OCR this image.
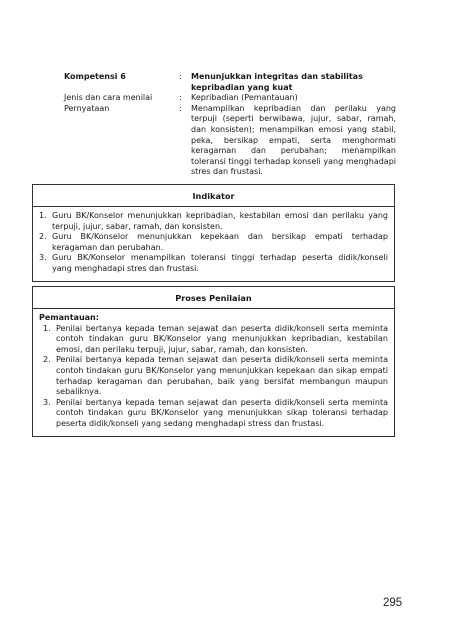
Kompetensi 6	:	Menunjukkan integritas dan stabilitas kepribadian yang kuat
Jenis dan cara menilai	:	Kepribadian (Pemantauan)
Pernyataan	:	Menampilkan kepribadian dan perilaku yang terpuji (seperti berwibawa, jujur, sabar, ramah, dan konsisten); menampilkan emosi yang stabil, peka, bersikap empati, serta menghormati keragaman dan perubahan; menampilkan toleransi tinggi terhadap konseli yang menghadapi stres dan frustasi.
Indikator
1. Guru BK/Konselor menunjukkan kepribadian, kestabilan emosi dan perilaku yang terpuji, jujur, sabar, ramah, dan konsisten.
2. Guru BK/Konselor menunjukkan kepekaan dan bersikap empati terhadap keragaman dan perubahan.
3. Guru BK/Konselor menampilkan toleransi tinggi terhadap peserta didik/konseli yang menghadapi stres dan frustasi.
Proses Penilaian
Pemantauan:
1. Penilai bertanya kepada teman sejawat dan peserta didik/konseli serta meminta contoh tindakan guru BK/Konselor yang menunjukkan kepribadian, kestabilan emosi, dan perilaku terpuji, jujur, sabar, ramah, dan konsisten.
2. Penilai bertanya kepada teman sejawat dan peserta didik/konseli serta meminta contoh tindakan guru BK/Konselor yang menunjukkan kepekaan dan sikap empati terhadap keragaman dan perubahan, baik yang bersifat membangun maupun sebaliknya.
3. Penilai bertanya kepada teman sejawat dan peserta didik/konseli serta meminta contoh tindakan guru BK/Konselor yang menunjukkan sikap toleransi terhadap peserta didik/konseli yang sedang menghadapi stress dan frustasi.
295
